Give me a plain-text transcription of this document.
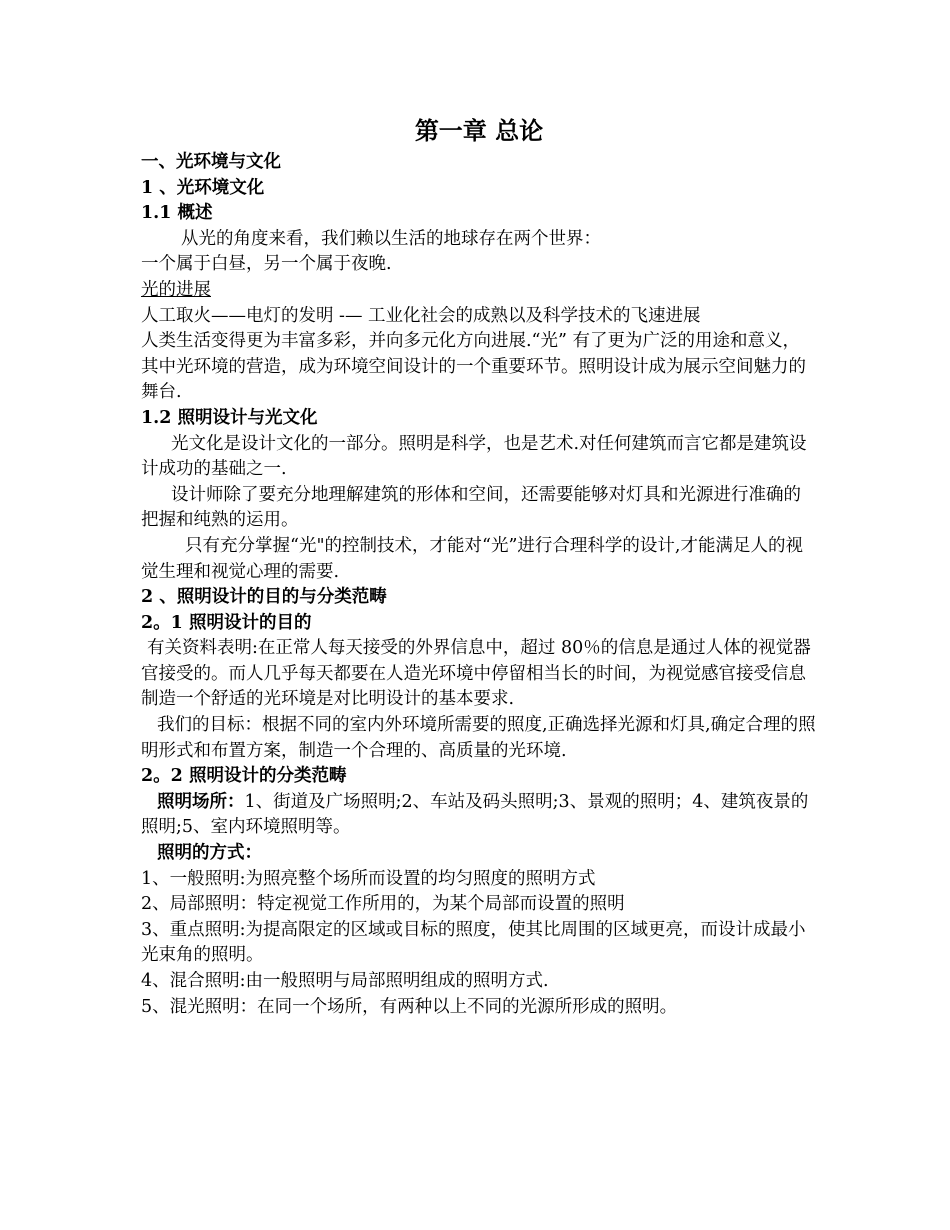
第一章 总论
一、光环境与文化
1 、光环境文化
1.1 概述
从光的角度来看，我们赖以生活的地球存在两个世界：
一个属于白昼，另一个属于夜晚.
光的进展
人工取火——电灯的发明 -— 工业化社会的成熟以及科学技术的飞速进展
人类生活变得更为丰富多彩，并向多元化方向进展.“光” 有了更为广泛的用途和意义，其中光环境的营造，成为环境空间设计的一个重要环节。照明设计成为展示空间魅力的舞台.
1.2 照明设计与光文化
光文化是设计文化的一部分。照明是科学，也是艺术.对任何建筑而言它都是建筑设计成功的基础之一.
设计师除了要充分地理解建筑的形体和空间，还需要能够对灯具和光源进行准确的把握和纯熟的运用。
只有充分掌握“光"的控制技术，才能对“光”进行合理科学的设计,才能满足人的视觉生理和视觉心理的需要.
2 、照明设计的目的与分类范畴
2。1 照明设计的目的
有关资料表明:在正常人每天接受的外界信息中，超过 80％的信息是通过人体的视觉器官接受的。而人几乎每天都要在人造光环境中停留相当长的时间，为视觉感官接受信息制造一个舒适的光环境是对比明设计的基本要求.
我们的目标：根据不同的室内外环境所需要的照度,正确选择光源和灯具,确定合理的照明形式和布置方案，制造一个合理的、高质量的光环境.
2。2 照明设计的分类范畴
照明场所：1、街道及广场照明;2、车站及码头照明;3、景观的照明；4、建筑夜景的照明;5、室内环境照明等。
照明的方式：
1、一般照明:为照亮整个场所而设置的均匀照度的照明方式
2、局部照明：特定视觉工作所用的，为某个局部而设置的照明
3、重点照明:为提高限定的区域或目标的照度，使其比周围的区域更亮，而设计成最小光束角的照明。
4、混合照明:由一般照明与局部照明组成的照明方式.
5、混光照明：在同一个场所，有两种以上不同的光源所形成的照明。
